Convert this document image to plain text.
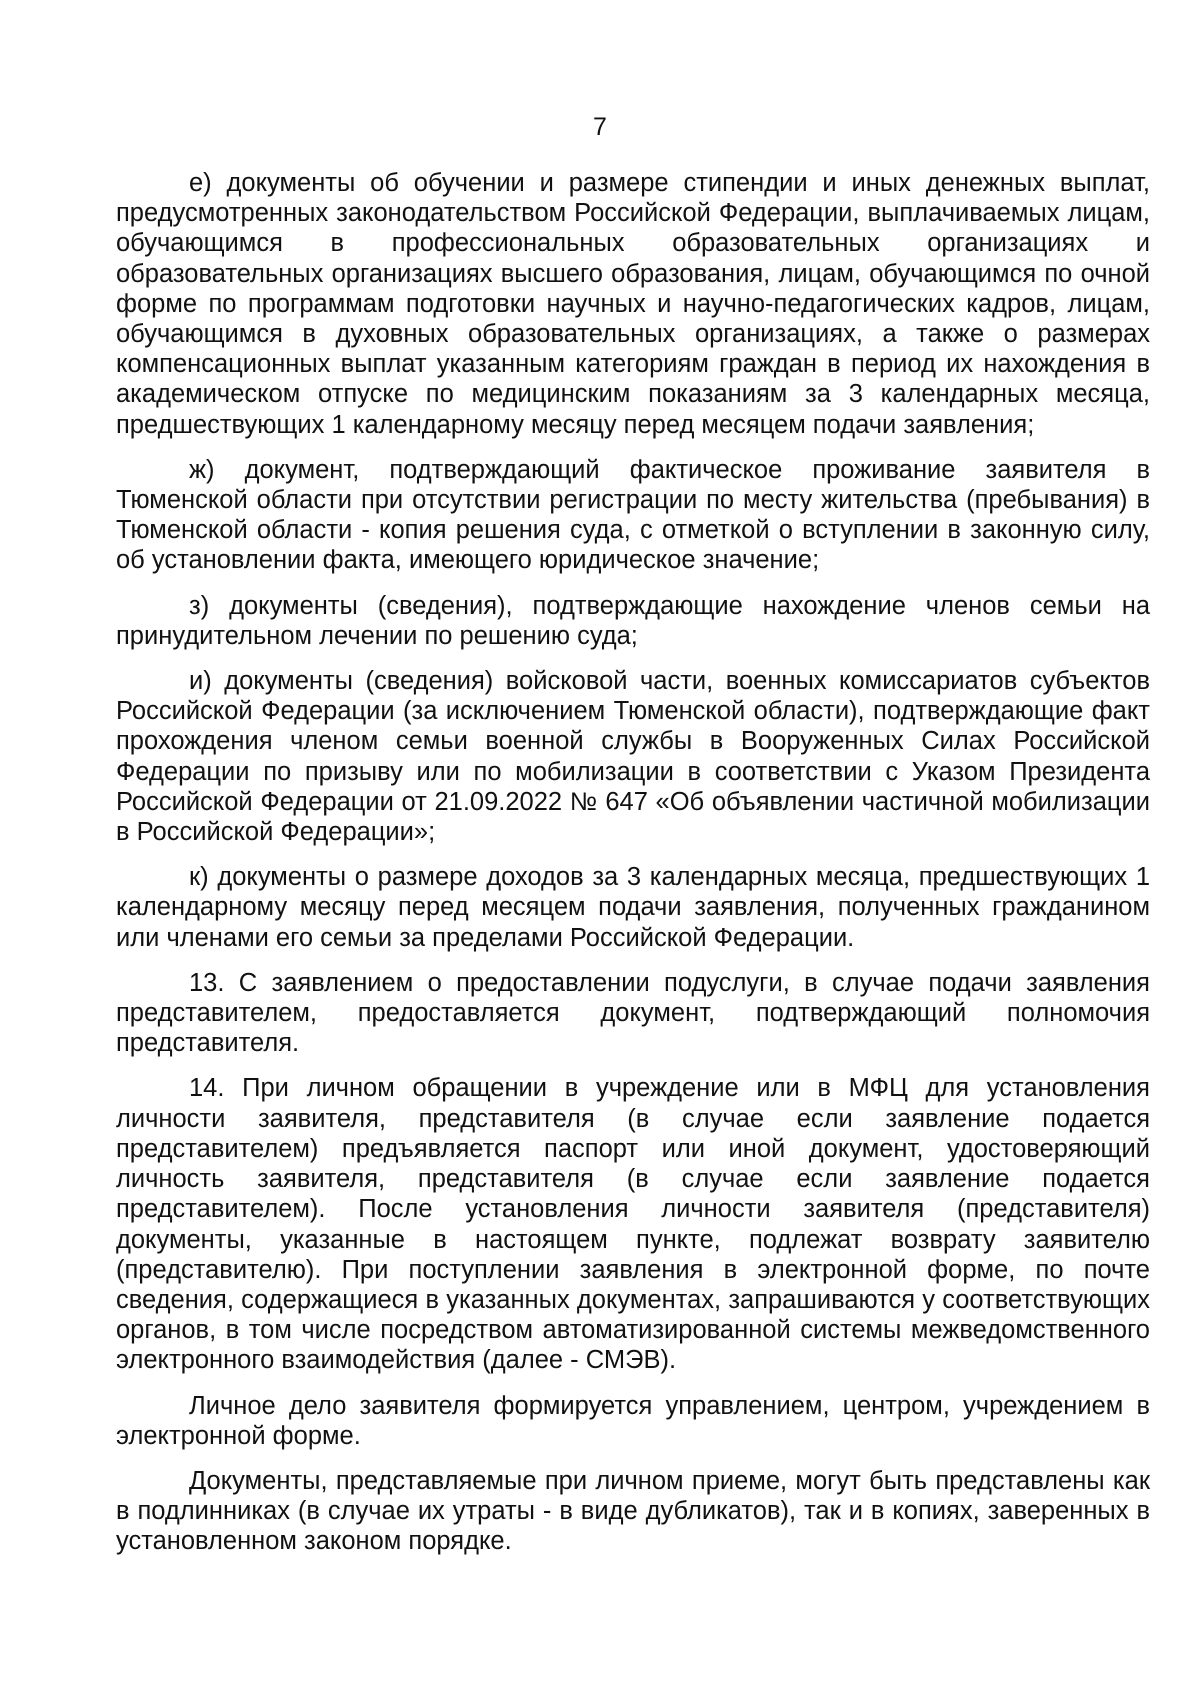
7

е) документы об обучении и размере стипендии и иных денежных выплат, предусмотренных законодательством Российской Федерации, выплачиваемых лицам, обучающимся в профессиональных образовательных организациях и образовательных организациях высшего образования, лицам, обучающимся по очной форме по программам подготовки научных и научно-педагогических кадров, лицам, обучающимся в духовных образовательных организациях, а также о размерах компенсационных выплат указанным категориям граждан в период их нахождения в академическом отпуске по медицинским показаниям за 3 календарных месяца, предшествующих 1 календарному месяцу перед месяцем подачи заявления;

ж) документ, подтверждающий фактическое проживание заявителя в Тюменской области при отсутствии регистрации по месту жительства (пребывания) в Тюменской области - копия решения суда, с отметкой о вступлении в законную силу, об установлении факта, имеющего юридическое значение;

з) документы (сведения), подтверждающие нахождение членов семьи на принудительном лечении по решению суда;

и) документы (сведения) войсковой части, военных комиссариатов субъектов Российской Федерации (за исключением Тюменской области), подтверждающие факт прохождения членом семьи военной службы в Вооруженных Силах Российской Федерации по призыву или по мобилизации в соответствии с Указом Президента Российской Федерации от 21.09.2022 № 647 «Об объявлении частичной мобилизации в Российской Федерации»;

к) документы о размере доходов за 3 календарных месяца, предшествующих 1 календарному месяцу перед месяцем подачи заявления, полученных гражданином или членами его семьи за пределами Российской Федерации.

13. С заявлением о предоставлении подуслуги, в случае подачи заявления представителем, предоставляется документ, подтверждающий полномочия представителя.

14. При личном обращении в учреждение или в МФЦ для установления личности заявителя, представителя (в случае если заявление подается представителем) предъявляется паспорт или иной документ, удостоверяющий личность заявителя, представителя (в случае если заявление подается представителем). После установления личности заявителя (представителя) документы, указанные в настоящем пункте, подлежат возврату заявителю (представителю). При поступлении заявления в электронной форме, по почте сведения, содержащиеся в указанных документах, запрашиваются у соответствующих органов, в том числе посредством автоматизированной системы межведомственного электронного взаимодействия (далее - СМЭВ).

Личное дело заявителя формируется управлением, центром, учреждением в электронной форме.

Документы, представляемые при личном приеме, могут быть представлены как в подлинниках (в случае их утраты - в виде дубликатов), так и в копиях, заверенных в установленном законом порядке.
